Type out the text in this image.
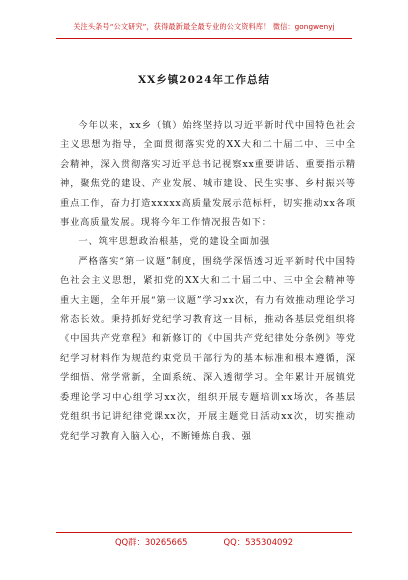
关注头条号“公文研究”，获得最新最全最专业的公文资料库！ 微信：gongwenyj
XX乡镇2024年工作总结

今年以来，xx乡（镇）始终坚持以习近平新时代中国特色社会主义思想为指导，全面贯彻落实党的XX大和二十届二中、三中全会精神，深入贯彻落实习近平总书记视察xx重要讲话、重要指示精神，聚焦党的建设、产业发展、城市建设、民生实事、乡村振兴等重点工作，奋力打造xxxxx高质量发展示范标杆，切实推动xx各项事业高质量发展。现将今年工作情况报告如下：

一、筑牢思想政治根基，党的建设全面加强

严格落实“第一议题”制度，围绕学深悟透习近平新时代中国特色社会主义思想，紧扣党的XX大和二十届二中、三中全会精神等重大主题，全年开展“第一议题”学习xx次，有力有效推动理论学习常态长效。秉持抓好党纪学习教育这一目标，推动各基层党组织将《中国共产党章程》和新修订的《中国共产党纪律处分条例》等党纪学习材料作为规范约束党员干部行为的基本标准和根本遵循，深学细悟、常学常新，全面系统、深入透彻学习。全年累计开展镇党委理论学习中心组学习xx次，组织开展专题培训xx场次，各基层党组织书记讲纪律党课xx次，开展主题党日活动xx次，切实推动党纪学习教育入脑入心，不断锤炼自我、强

QQ群：30265665	QQ：535304092
